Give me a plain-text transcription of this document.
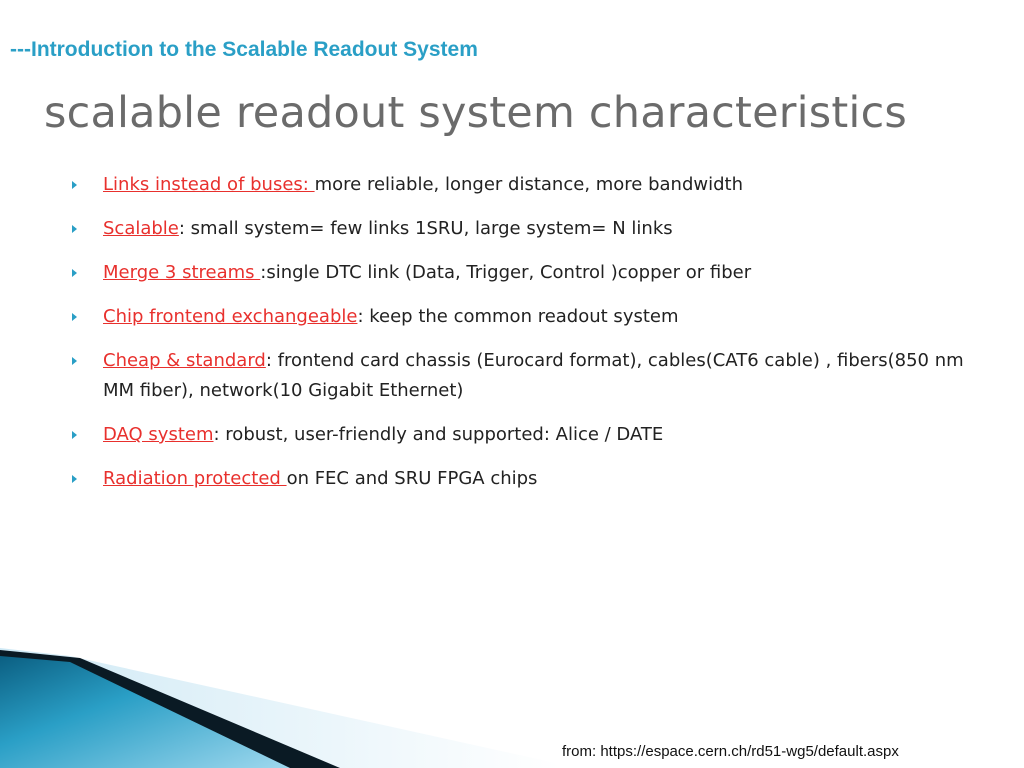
---Introduction to the Scalable Readout System
scalable readout system characteristics
Links instead of buses: more reliable, longer distance, more bandwidth
Scalable: small system= few links 1SRU, large system= N links
Merge 3 streams :single DTC link (Data, Trigger, Control )copper or fiber
Chip frontend exchangeable: keep the common readout system
Cheap & standard: frontend card chassis (Eurocard format), cables(CAT6 cable) , fibers(850 nm MM fiber), network(10 Gigabit Ethernet)
DAQ system: robust, user-friendly and supported: Alice / DATE
Radiation protected on FEC and SRU FPGA chips

from: https://espace.cern.ch/rd51-wg5/default.aspx
